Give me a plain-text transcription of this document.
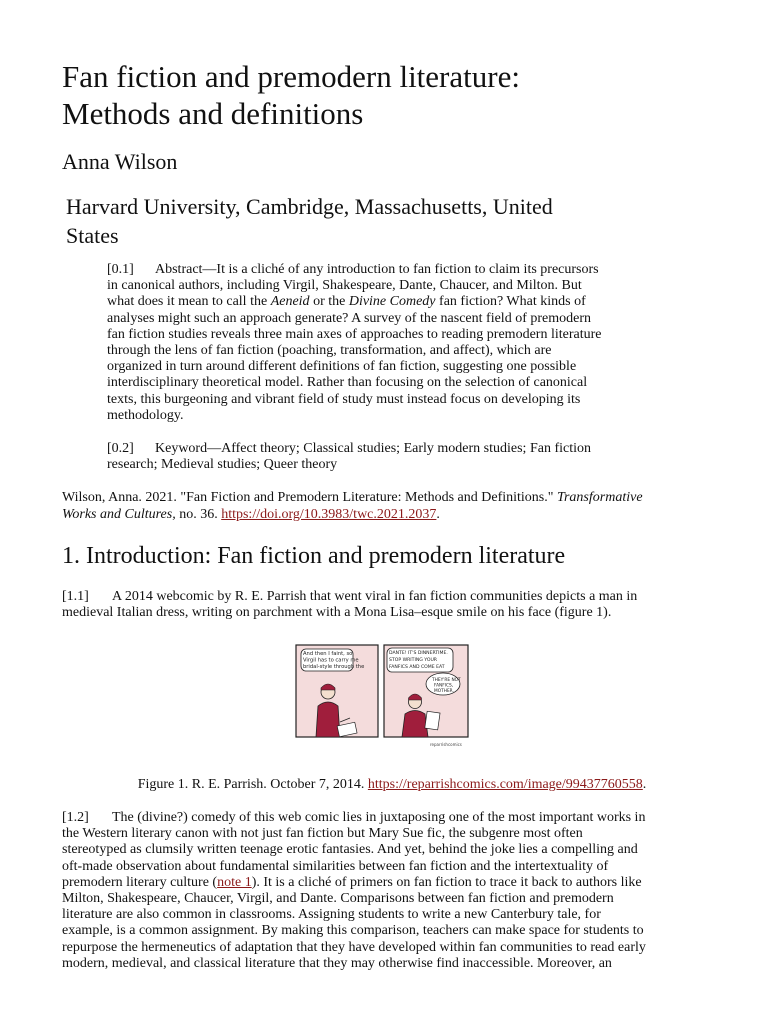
Fan fiction and premodern literature:
Methods and definitions
Anna Wilson
Harvard University, Cambridge, Massachusetts, United
States
[0.1] Abstract—It is a cliché of any introduction to fan fiction to claim its precursors
in canonical authors, including Virgil, Shakespeare, Dante, Chaucer, and Milton. But
what does it mean to call the Aeneid or the Divine Comedy fan fiction? What kinds of
analyses might such an approach generate? A survey of the nascent field of premodern
fan fiction studies reveals three main axes of approaches to reading premodern literature
through the lens of fan fiction (poaching, transformation, and affect), which are
organized in turn around different definitions of fan fiction, suggesting one possible
interdisciplinary theoretical model. Rather than focusing on the selection of canonical
texts, this burgeoning and vibrant field of study must instead focus on developing its
methodology.
[0.2] Keyword—Affect theory; Classical studies; Early modern studies; Fan fiction
research; Medieval studies; Queer theory

Wilson, Anna. 2021. "Fan Fiction and Premodern Literature: Methods and Definitions." Transformative
Works and Cultures, no. 36. https://doi.org/10.3983/twc.2021.2037.

1. Introduction: Fan fiction and premodern literature
[1.1] A 2014 webcomic by R. E. Parrish that went viral in fan fiction communities depicts a man in
medieval Italian dress, writing on parchment with a Mona Lisa–esque smile on his face (figure 1).
And then I faint, so
Virgil has to carry me
bridal-style through the
DANTE! IT'S DINNERTIME.
STOP WRITING YOUR
FANFICS AND COME EAT
THEY'RE NOT
FANFICS,
MOTHER.
reparrishcomics

Figure 1. R. E. Parrish. October 7, 2014. https://reparrishcomics.com/image/99437760558.

[1.2] The (divine?) comedy of this web comic lies in juxtaposing one of the most important works in
the Western literary canon with not just fan fiction but Mary Sue fic, the subgenre most often
stereotyped as clumsily written teenage erotic fantasies. And yet, behind the joke lies a compelling and
oft-made observation about fundamental similarities between fan fiction and the intertextuality of
premodern literary culture (note 1). It is a cliché of primers on fan fiction to trace it back to authors like
Milton, Shakespeare, Chaucer, Virgil, and Dante. Comparisons between fan fiction and premodern
literature are also common in classrooms. Assigning students to write a new Canterbury tale, for
example, is a common assignment. By making this comparison, teachers can make space for students to
repurpose the hermeneutics of adaptation that they have developed within fan communities to read early
modern, medieval, and classical literature that they may otherwise find inaccessible. Moreover, an
